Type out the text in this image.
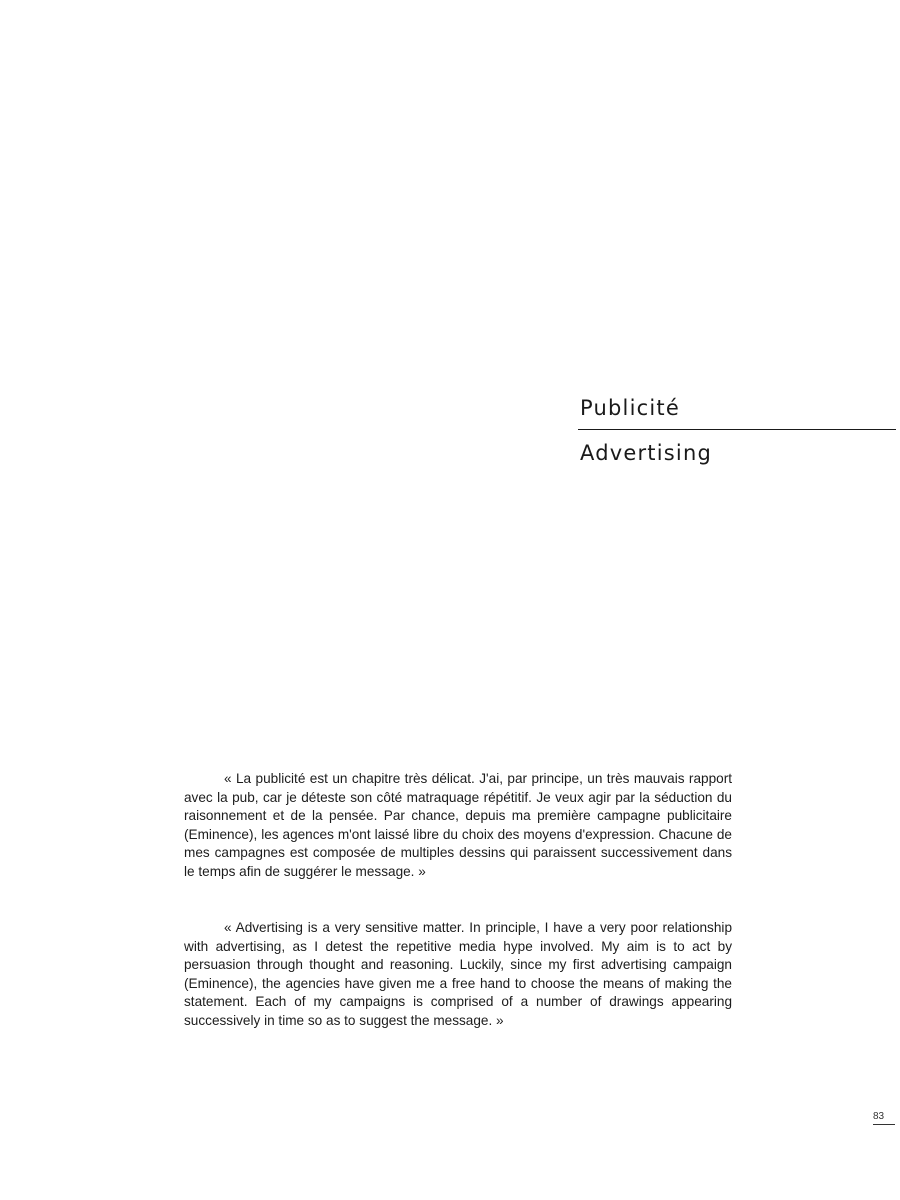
Publicité
Advertising

« La publicité est un chapitre très délicat. J'ai, par principe, un très mauvais rapport avec la pub, car je déteste son côté matraquage répétitif. Je veux agir par la séduction du raisonnement et de la pensée. Par chance, depuis ma première campagne publicitaire (Eminence), les agences m'ont laissé libre du choix des moyens d'expression. Chacune de mes campagnes est composée de multiples dessins qui paraissent successivement dans le temps afin de suggérer le message. »

« Advertising is a very sensitive matter. In principle, I have a very poor relationship with advertising, as I detest the repetitive media hype involved. My aim is to act by persuasion through thought and reasoning. Luckily, since my first advertising campaign (Eminence), the agencies have given me a free hand to choose the means of making the statement. Each of my campaigns is comprised of a number of drawings appearing successively in time so as to suggest the message. »

83
